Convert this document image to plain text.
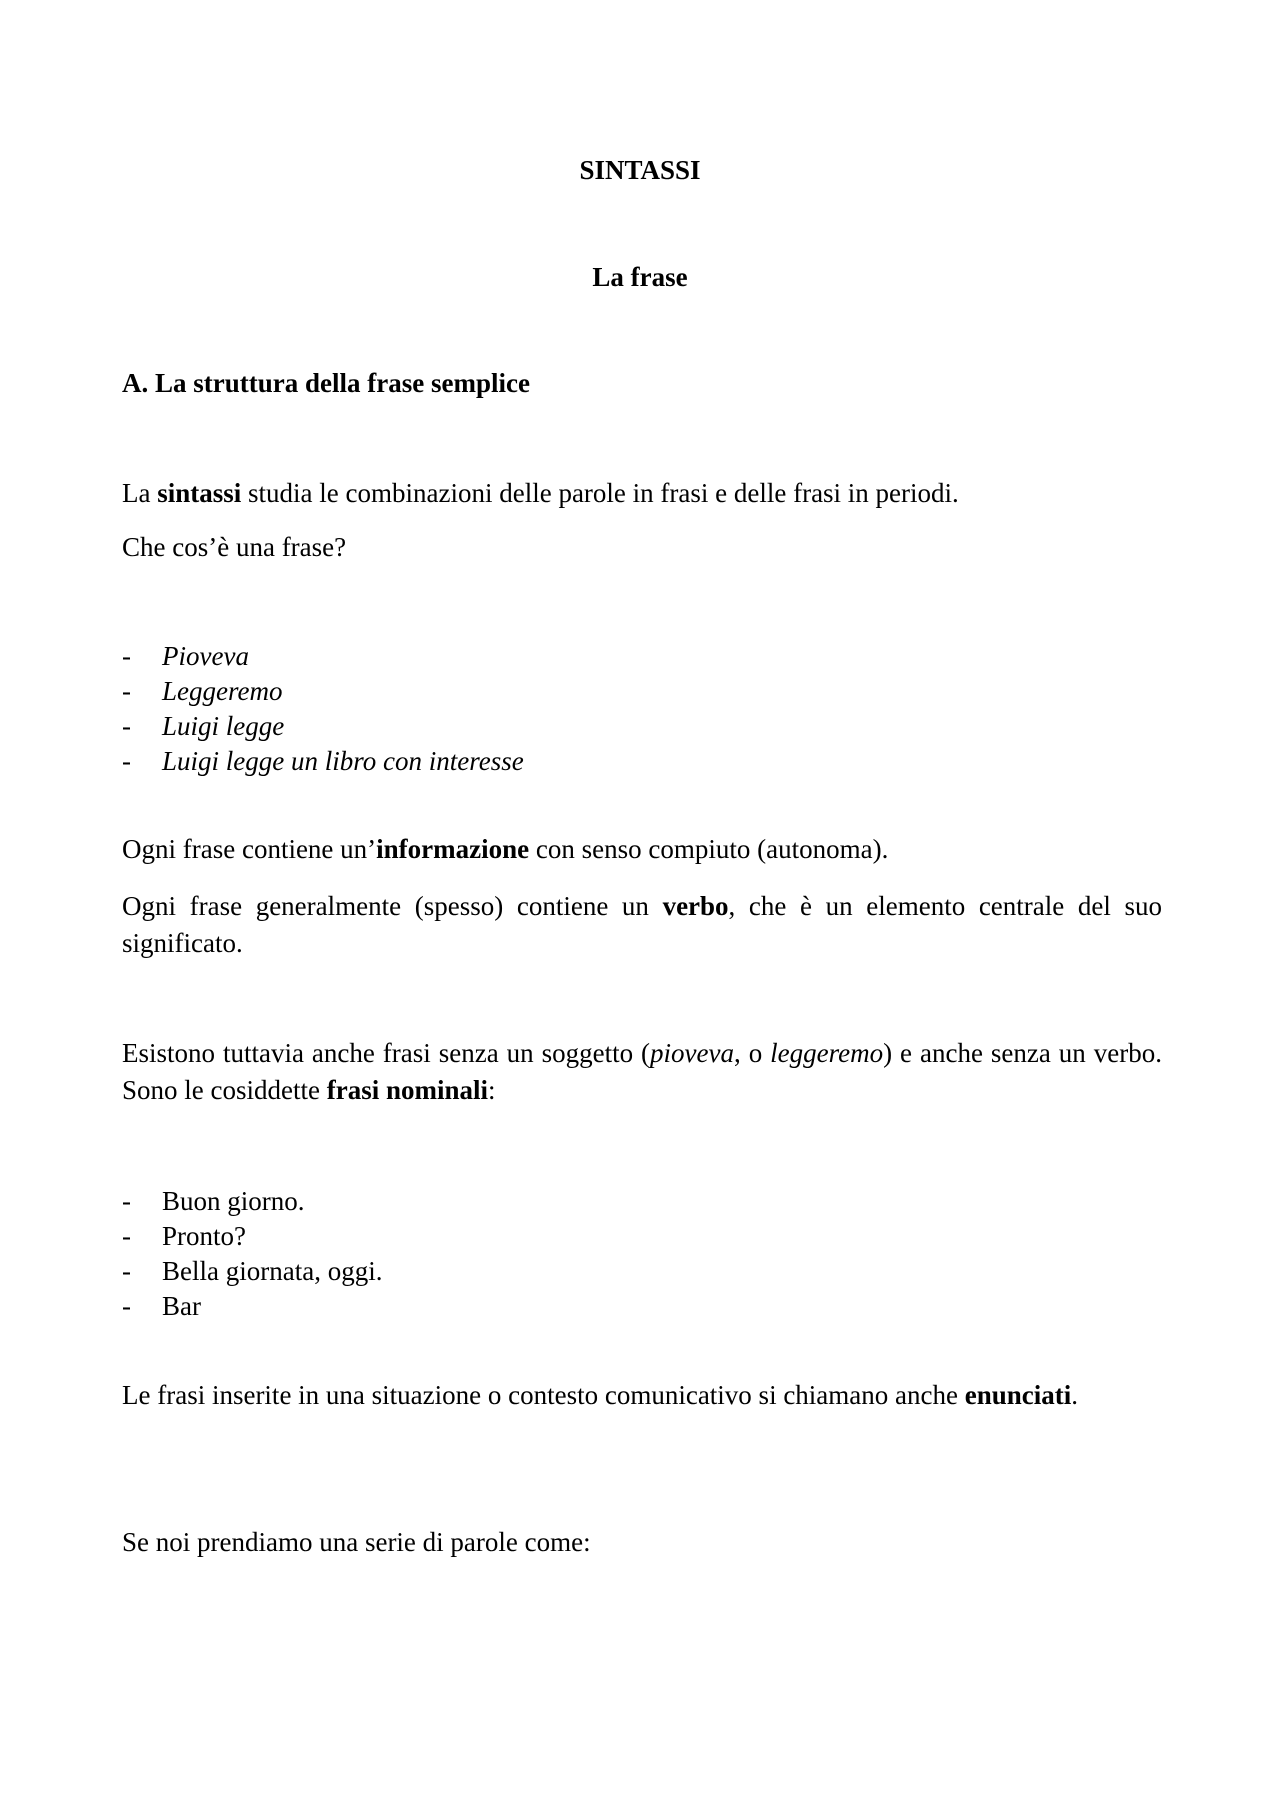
SINTASSI
La frase
A. La struttura della frase semplice
La sintassi studia le combinazioni delle parole in frasi e delle frasi in periodi.
Che cos’è una frase?
-	Pioveva
-	Leggeremo
-	Luigi legge
-	Luigi legge un libro con interesse
Ogni frase contiene un’informazione con senso compiuto (autonoma).
Ogni frase generalmente (spesso) contiene un verbo, che è un elemento centrale del suo significato.
Esistono tuttavia anche frasi senza un soggetto (pioveva, o leggeremo) e anche senza un verbo. Sono le cosiddette frasi nominali:
-	Buon giorno.
-	Pronto?
-	Bella giornata, oggi.
-	Bar
Le frasi inserite in una situazione o contesto comunicativo si chiamano anche enunciati.
Se noi prendiamo una serie di parole come:
